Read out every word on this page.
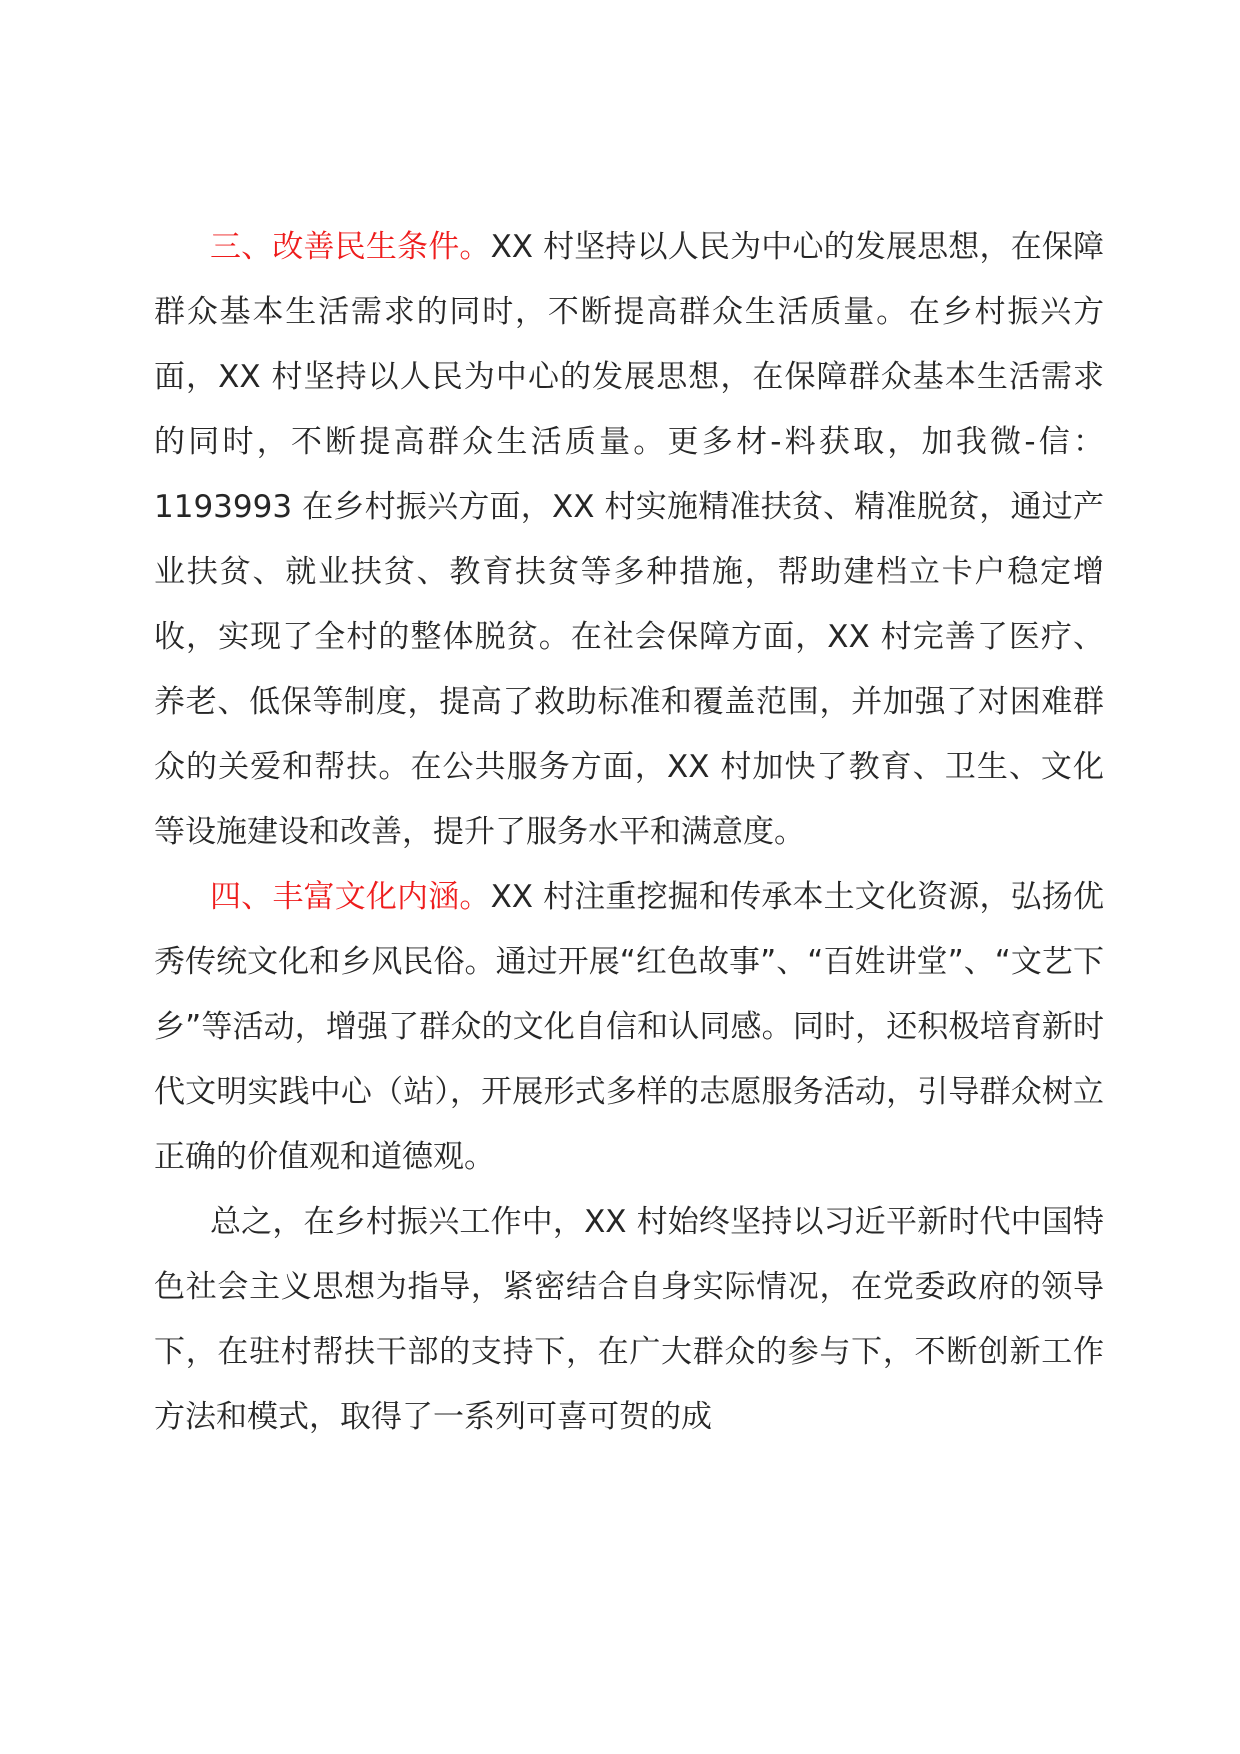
三、改善民生条件。XX 村坚持以人民为中心的发展思想，在保障群众基本生活需求的同时，不断提高群众生活质量。在乡村振兴方面，XX 村坚持以人民为中心的发展思想，在保障群众基本生活需求的同时，不断提高群众生活质量。更多材-料获取，加我微-信：1193993 在乡村振兴方面，XX 村实施精准扶贫、精准脱贫，通过产业扶贫、就业扶贫、教育扶贫等多种措施，帮助建档立卡户稳定增收，实现了全村的整体脱贫。在社会保障方面，XX 村完善了医疗、养老、低保等制度，提高了救助标准和覆盖范围，并加强了对困难群众的关爱和帮扶。在公共服务方面，XX 村加快了教育、卫生、文化等设施建设和改善，提升了服务水平和满意度。

四、丰富文化内涵。XX 村注重挖掘和传承本土文化资源，弘扬优秀传统文化和乡风民俗。通过开展“红色故事”、“百姓讲堂”、“文艺下乡”等活动，增强了群众的文化自信和认同感。同时，还积极培育新时代文明实践中心（站），开展形式多样的志愿服务活动，引导群众树立正确的价值观和道德观。

总之，在乡村振兴工作中，XX 村始终坚持以习近平新时代中国特色社会主义思想为指导，紧密结合自身实际情况，在党委政府的领导下，在驻村帮扶干部的支持下，在广大群众的参与下，不断创新工作方法和模式，取得了一系列可喜可贺的成
